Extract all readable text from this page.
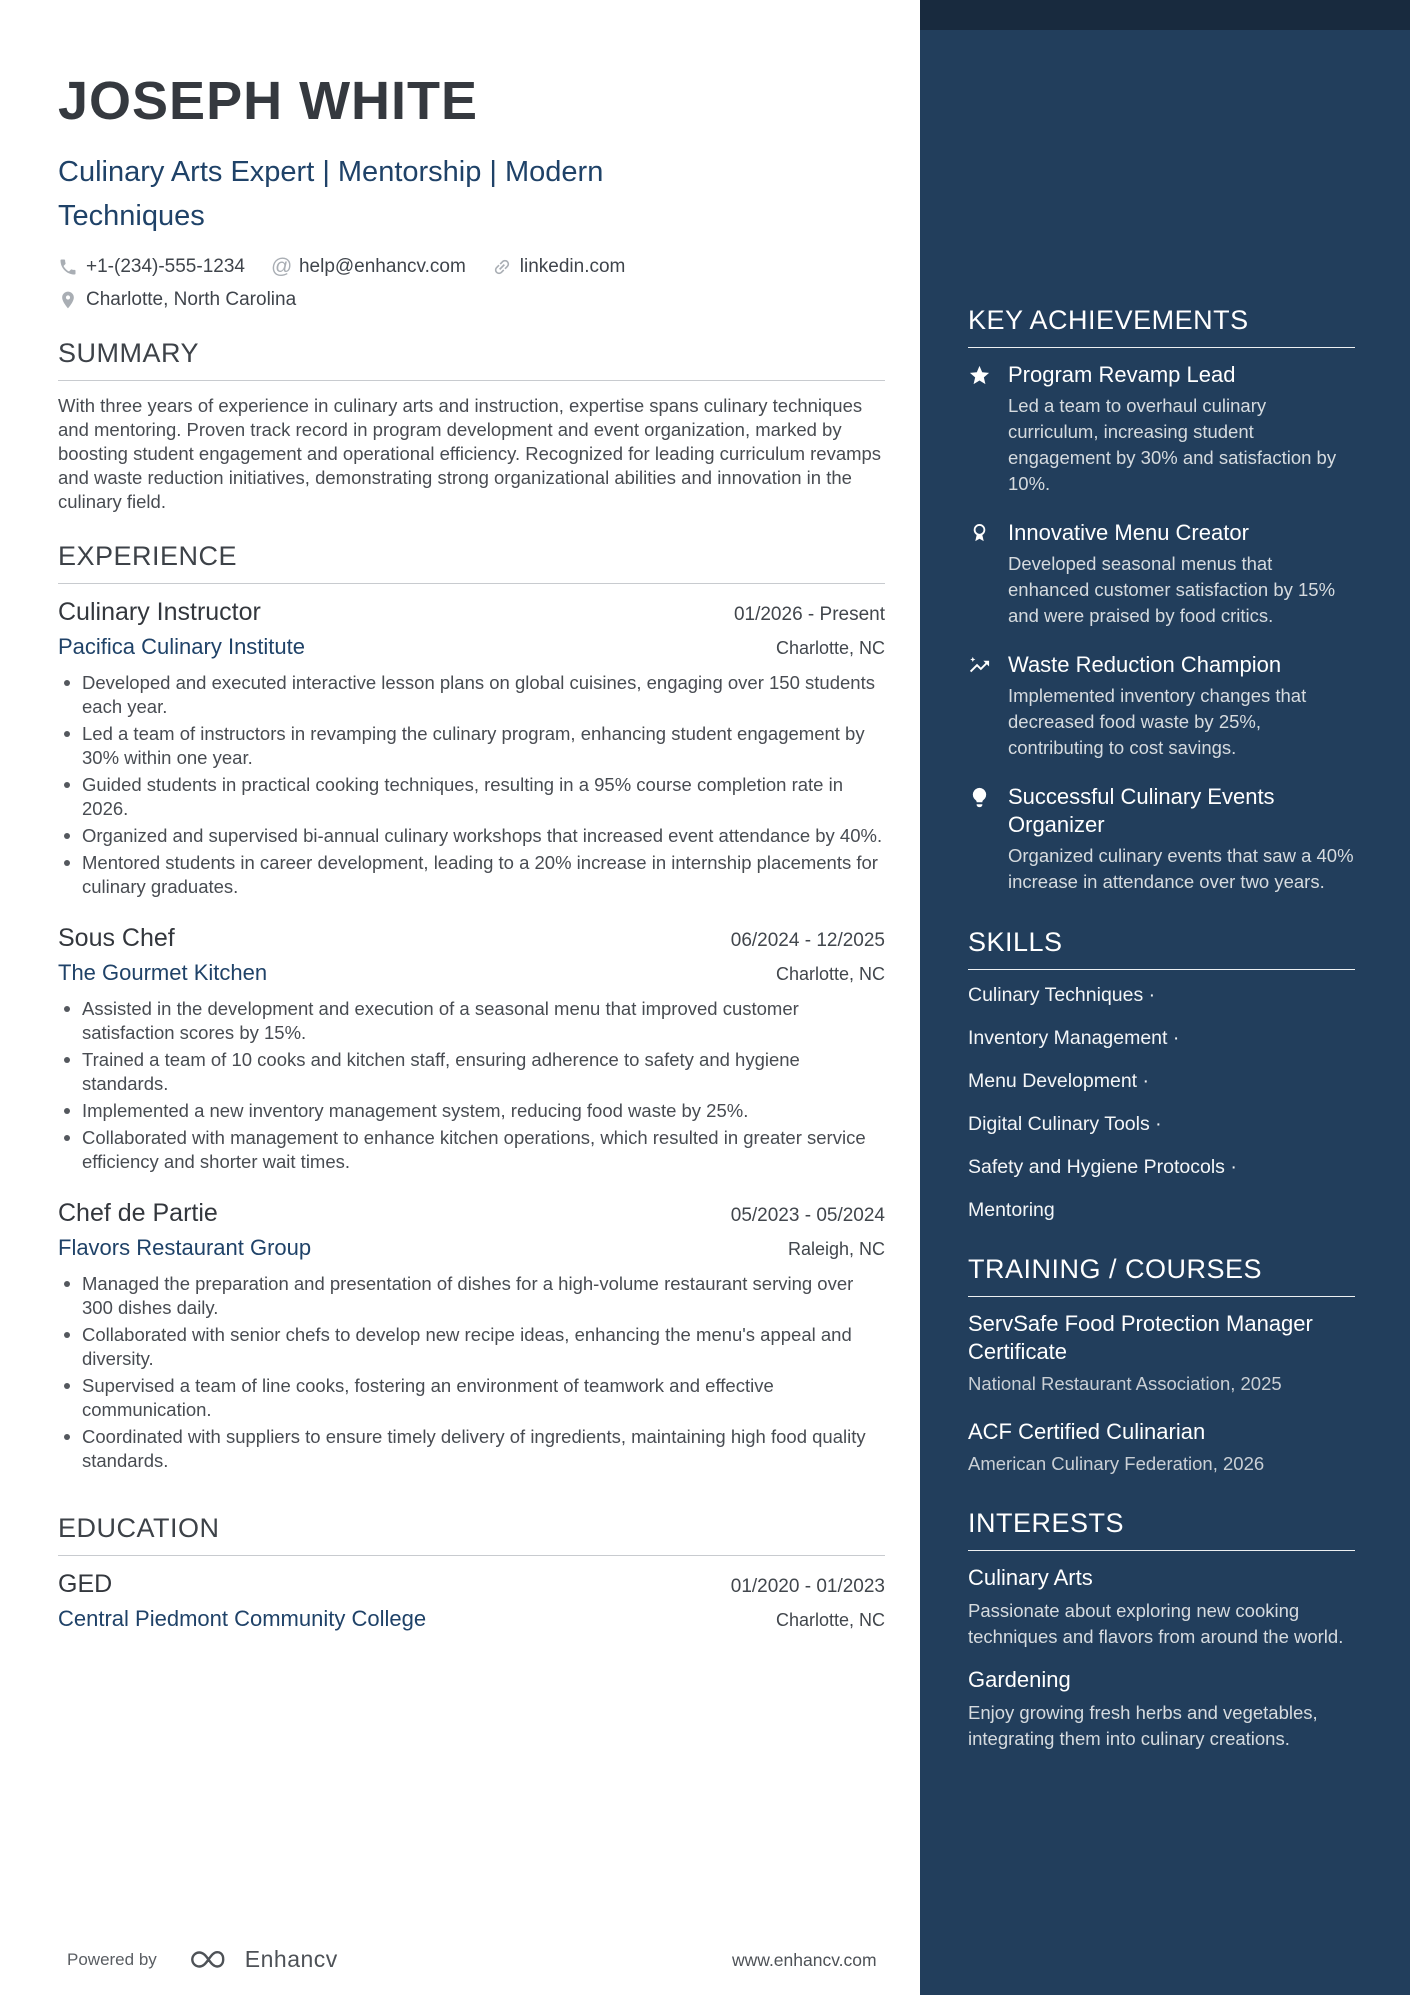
JOSEPH WHITE
Culinary Arts Expert | Mentorship | Modern Techniques
+1-(234)-555-1234 @ help@enhancv.com	linkedin.com
Charlotte, North Carolina
SUMMARY

With three years of experience in culinary arts and instruction, expertise spans culinary techniques and mentoring. Proven track record in program development and event organization, marked by boosting student engagement and operational efficiency. Recognized for leading curriculum revamps and waste reduction initiatives, demonstrating strong organizational abilities and innovation in the culinary field.

EXPERIENCE
Culinary Instructor	01/2026 - Present
Pacifica Culinary Institute	Charlotte, NC
Developed and executed interactive lesson plans on global cuisines, engaging over 150 students each year.
Led a team of instructors in revamping the culinary program, enhancing student engagement by 30% within one year.
Guided students in practical cooking techniques, resulting in a 95% course completion rate in 2026.
Organized and supervised bi-annual culinary workshops that increased event attendance by 40%.
Mentored students in career development, leading to a 20% increase in internship placements for culinary graduates.
Sous Chef	06/2024 - 12/2025
The Gourmet Kitchen	Charlotte, NC
Assisted in the development and execution of a seasonal menu that improved customer satisfaction scores by 15%.
Trained a team of 10 cooks and kitchen staff, ensuring adherence to safety and hygiene standards.
Implemented a new inventory management system, reducing food waste by 25%.
Collaborated with management to enhance kitchen operations, which resulted in greater service efficiency and shorter wait times.
Chef de Partie	05/2023 - 05/2024
Flavors Restaurant Group	Raleigh, NC
Managed the preparation and presentation of dishes for a high-volume restaurant serving over 300 dishes daily.
Collaborated with senior chefs to develop new recipe ideas, enhancing the menu's appeal and diversity.
Supervised a team of line cooks, fostering an environment of teamwork and effective communication.
Coordinated with suppliers to ensure timely delivery of ingredients, maintaining high food quality standards.
EDUCATION
GED	01/2020 - 01/2023
Central Piedmont Community College	Charlotte, NC
KEY ACHIEVEMENTS
Program Revamp Lead
Led a team to overhaul culinary curriculum, increasing student engagement by 30% and satisfaction by 10%.
Innovative Menu Creator
Developed seasonal menus that enhanced customer satisfaction by 15% and were praised by food critics.
Waste Reduction Champion
Implemented inventory changes that decreased food waste by 25%, contributing to cost savings.
Successful Culinary Events Organizer
Organized culinary events that saw a 40% increase in attendance over two years.
SKILLS
Culinary Techniques ·
Inventory Management ·
Menu Development ·
Digital Culinary Tools ·
Safety and Hygiene Protocols ·
Mentoring
TRAINING / COURSES
ServSafe Food Protection Manager Certificate
National Restaurant Association, 2025
ACF Certified Culinarian
American Culinary Federation, 2026
INTERESTS
Culinary Arts
Passionate about exploring new cooking techniques and flavors from around the world.
Gardening
Enjoy growing fresh herbs and vegetables, integrating them into culinary creations.
Powered by	Enhancv	www.enhancv.com
